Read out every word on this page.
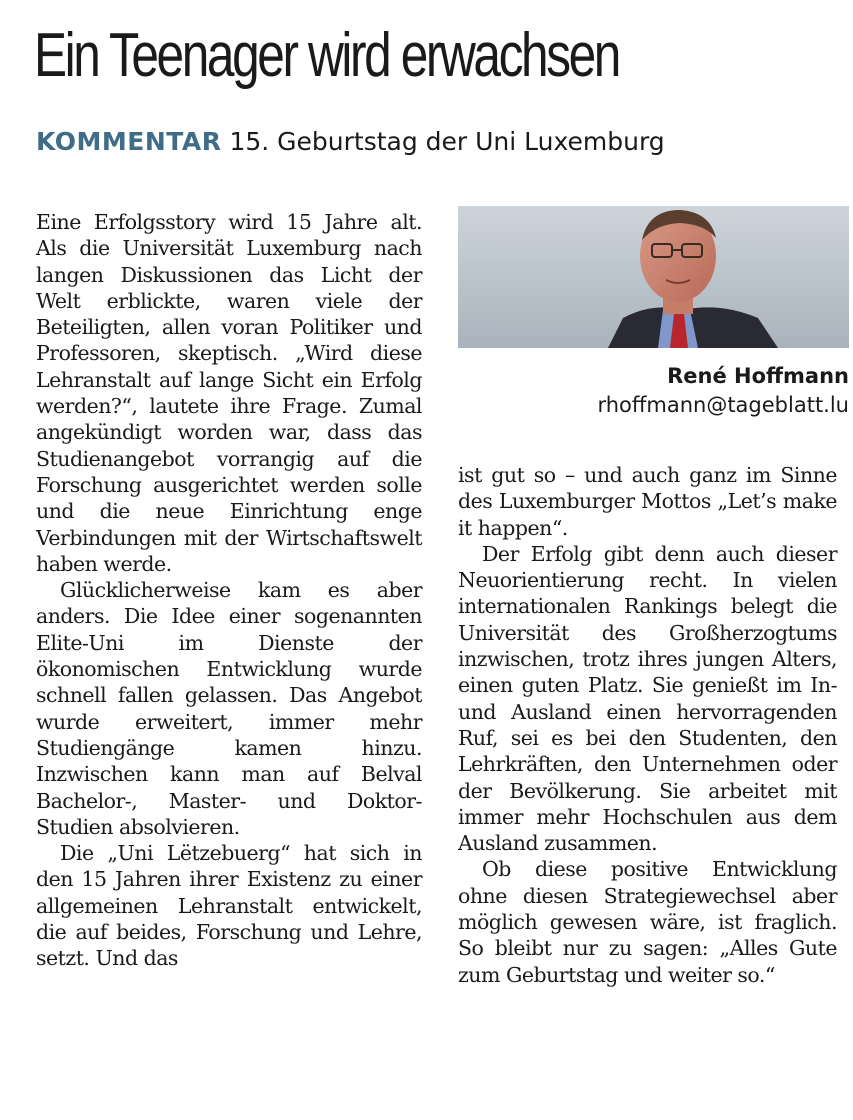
Ein Teenager wird erwachsen
KOMMENTAR 15. Geburtstag der Uni Luxemburg

Eine Erfolgsstory wird 15 Jahre alt. Als die Universität Luxemburg nach langen Diskussionen das Licht der Welt erblickte, waren viele der Beteiligten, allen voran Politiker und Professoren, skeptisch. „Wird diese Lehranstalt auf lange Sicht ein Erfolg werden?“, lautete ihre Frage. Zumal angekündigt worden war, dass das Studienangebot vorrangig auf die Forschung ausgerichtet werden solle und die neue Einrichtung enge Verbindungen mit der Wirtschaftswelt haben werde.

Glücklicherweise kam es aber anders. Die Idee einer sogenannten Elite-Uni im Dienste der ökonomischen Entwicklung wurde schnell fallen gelassen. Das Angebot wurde erweitert, immer mehr Studiengänge kamen hinzu. Inzwischen kann man auf Belval Bachelor-, Master- und Doktor-Studien absolvieren.

Die „Uni Lëtzebuerg“ hat sich in den 15 Jahren ihrer Existenz zu einer allgemeinen Lehranstalt entwickelt, die auf beides, Forschung und Lehre, setzt. Und das

René Hoffmann
rhoffmann@tageblatt.lu

ist gut so – und auch ganz im Sinne des Luxemburger Mottos „Let’s make it happen“.

Der Erfolg gibt denn auch dieser Neuorientierung recht. In vielen internationalen Rankings belegt die Universität des Großherzogtums inzwischen, trotz ihres jungen Alters, einen guten Platz. Sie genießt im In- und Ausland einen hervorragenden Ruf, sei es bei den Studenten, den Lehrkräften, den Unternehmen oder der Bevölkerung. Sie arbeitet mit immer mehr Hochschulen aus dem Ausland zusammen.

Ob diese positive Entwicklung ohne diesen Strategiewechsel aber möglich gewesen wäre, ist fraglich. So bleibt nur zu sagen: „Alles Gute zum Geburtstag und weiter so.“
